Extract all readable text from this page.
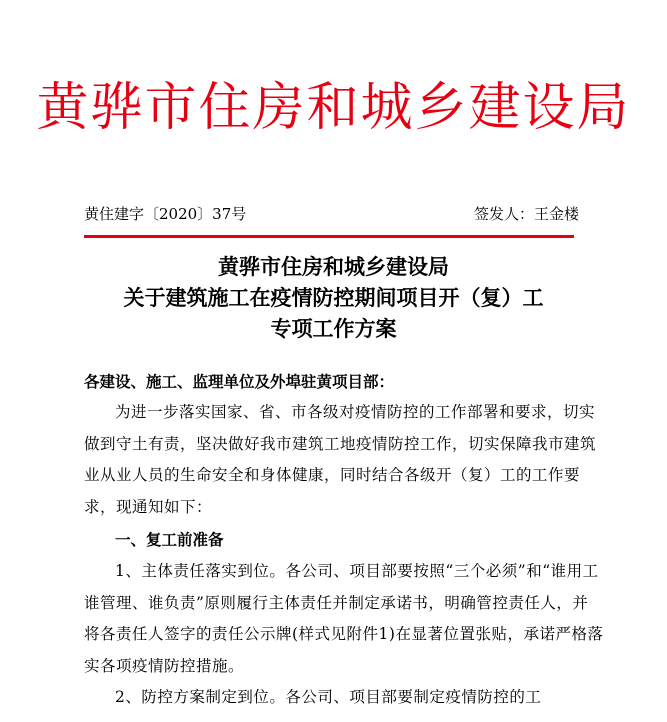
黄骅市住房和城乡建设局
黄住建字〔2020〕37号	签发人：王金楼
黄骅市住房和城乡建设局
关于建筑施工在疫情防控期间项目开（复）工
专项工作方案

各建设、施工、监理单位及外埠驻黄项目部：

为进一步落实国家、省、市各级对疫情防控的工作部署和要求，切实做到守土有责，坚决做好我市建筑工地疫情防控工作，切实保障我市建筑业从业人员的生命安全和身体健康，同时结合各级开（复）工的工作要求，现通知如下：

一、复工前准备

1、主体责任落实到位。各公司、项目部要按照“三个必须”和“谁用工谁管理、谁负责”原则履行主体责任并制定承诺书，明确管控责任人，并将各责任人签字的责任公示牌(样式见附件1)在显著位置张贴，承诺严格落实各项疫情防控措施。

2、防控方案制定到位。各公司、项目部要制定疫情防控的工
